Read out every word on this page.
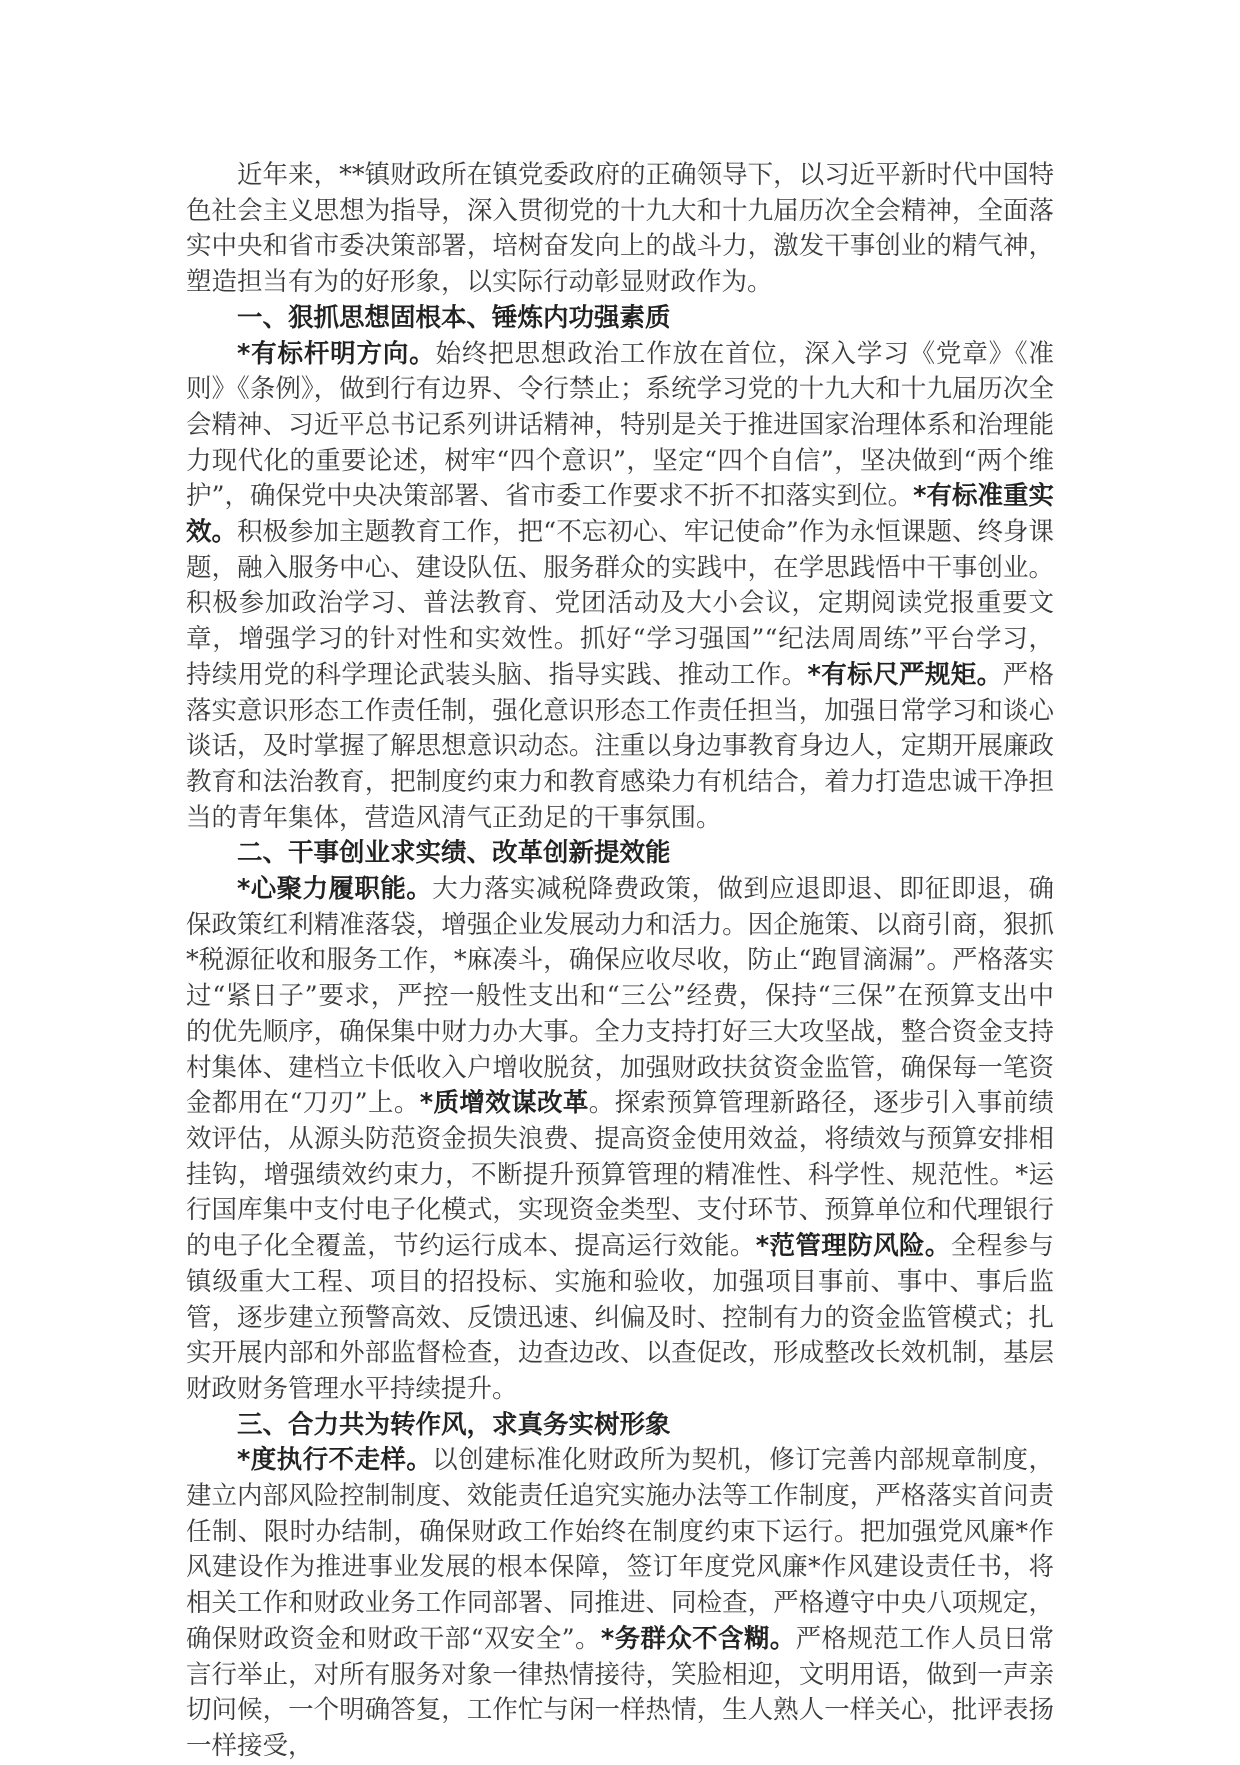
近年来，**镇财政所在镇党委政府的正确领导下，以习近平新时代中国特色社会主义思想为指导，深入贯彻党的十九大和十九届历次全会精神，全面落实中央和省市委决策部署，培树奋发向上的战斗力，激发干事创业的精气神，塑造担当有为的好形象，以实际行动彰显财政作为。

一、狠抓思想固根本、锤炼内功强素质

*有标杆明方向。始终把思想政治工作放在首位，深入学习《党章》《准则》《条例》，做到行有边界、令行禁止；系统学习党的十九大和十九届历次全会精神、习近平总书记系列讲话精神，特别是关于推进国家治理体系和治理能力现代化的重要论述，树牢“四个意识”，坚定“四个自信”，坚决做到“两个维护”，确保党中央决策部署、省市委工作要求不折不扣落实到位。*有标准重实效。积极参加主题教育工作，把“不忘初心、牢记使命”作为永恒课题、终身课题，融入服务中心、建设队伍、服务群众的实践中，在学思践悟中干事创业。积极参加政治学习、普法教育、党团活动及大小会议，定期阅读党报重要文章，增强学习的针对性和实效性。抓好“学习强国”“纪法周周练”平台学习，持续用党的科学理论武装头脑、指导实践、推动工作。*有标尺严规矩。严格落实意识形态工作责任制，强化意识形态工作责任担当，加强日常学习和谈心谈话，及时掌握了解思想意识动态。注重以身边事教育身边人，定期开展廉政教育和法治教育，把制度约束力和教育感染力有机结合，着力打造忠诚干净担当的青年集体，营造风清气正劲足的干事氛围。

二、干事创业求实绩、改革创新提效能

*心聚力履职能。大力落实减税降费政策，做到应退即退、即征即退，确保政策红利精准落袋，增强企业发展动力和活力。因企施策、以商引商，狠抓*税源征收和服务工作，*麻凑斗，确保应收尽收，防止“跑冒滴漏”。严格落实过“紧日子”要求，严控一般性支出和“三公”经费，保持“三保”在预算支出中的优先顺序，确保集中财力办大事。全力支持打好三大攻坚战，整合资金支持村集体、建档立卡低收入户增收脱贫，加强财政扶贫资金监管，确保每一笔资金都用在“刀刃”上。*质增效谋改革。探索预算管理新路径，逐步引入事前绩效评估，从源头防范资金损失浪费、提高资金使用效益，将绩效与预算安排相挂钩，增强绩效约束力，不断提升预算管理的精准性、科学性、规范性。*运行国库集中支付电子化模式，实现资金类型、支付环节、预算单位和代理银行的电子化全覆盖，节约运行成本、提高运行效能。*范管理防风险。全程参与镇级重大工程、项目的招投标、实施和验收，加强项目事前、事中、事后监管，逐步建立预警高效、反馈迅速、纠偏及时、控制有力的资金监管模式；扎实开展内部和外部监督检查，边查边改、以查促改，形成整改长效机制，基层财政财务管理水平持续提升。

三、合力共为转作风，求真务实树形象

*度执行不走样。以创建标准化财政所为契机，修订完善内部规章制度，建立内部风险控制制度、效能责任追究实施办法等工作制度，严格落实首问责任制、限时办结制，确保财政工作始终在制度约束下运行。把加强党风廉*作风建设作为推进事业发展的根本保障，签订年度党风廉*作风建设责任书，将相关工作和财政业务工作同部署、同推进、同检查，严格遵守中央八项规定，确保财政资金和财政干部“双安全”。*务群众不含糊。严格规范工作人员日常言行举止，对所有服务对象一律热情接待，笑脸相迎，文明用语，做到一声亲切问候，一个明确答复，工作忙与闲一样热情，生人熟人一样关心，批评表扬一样接受，
